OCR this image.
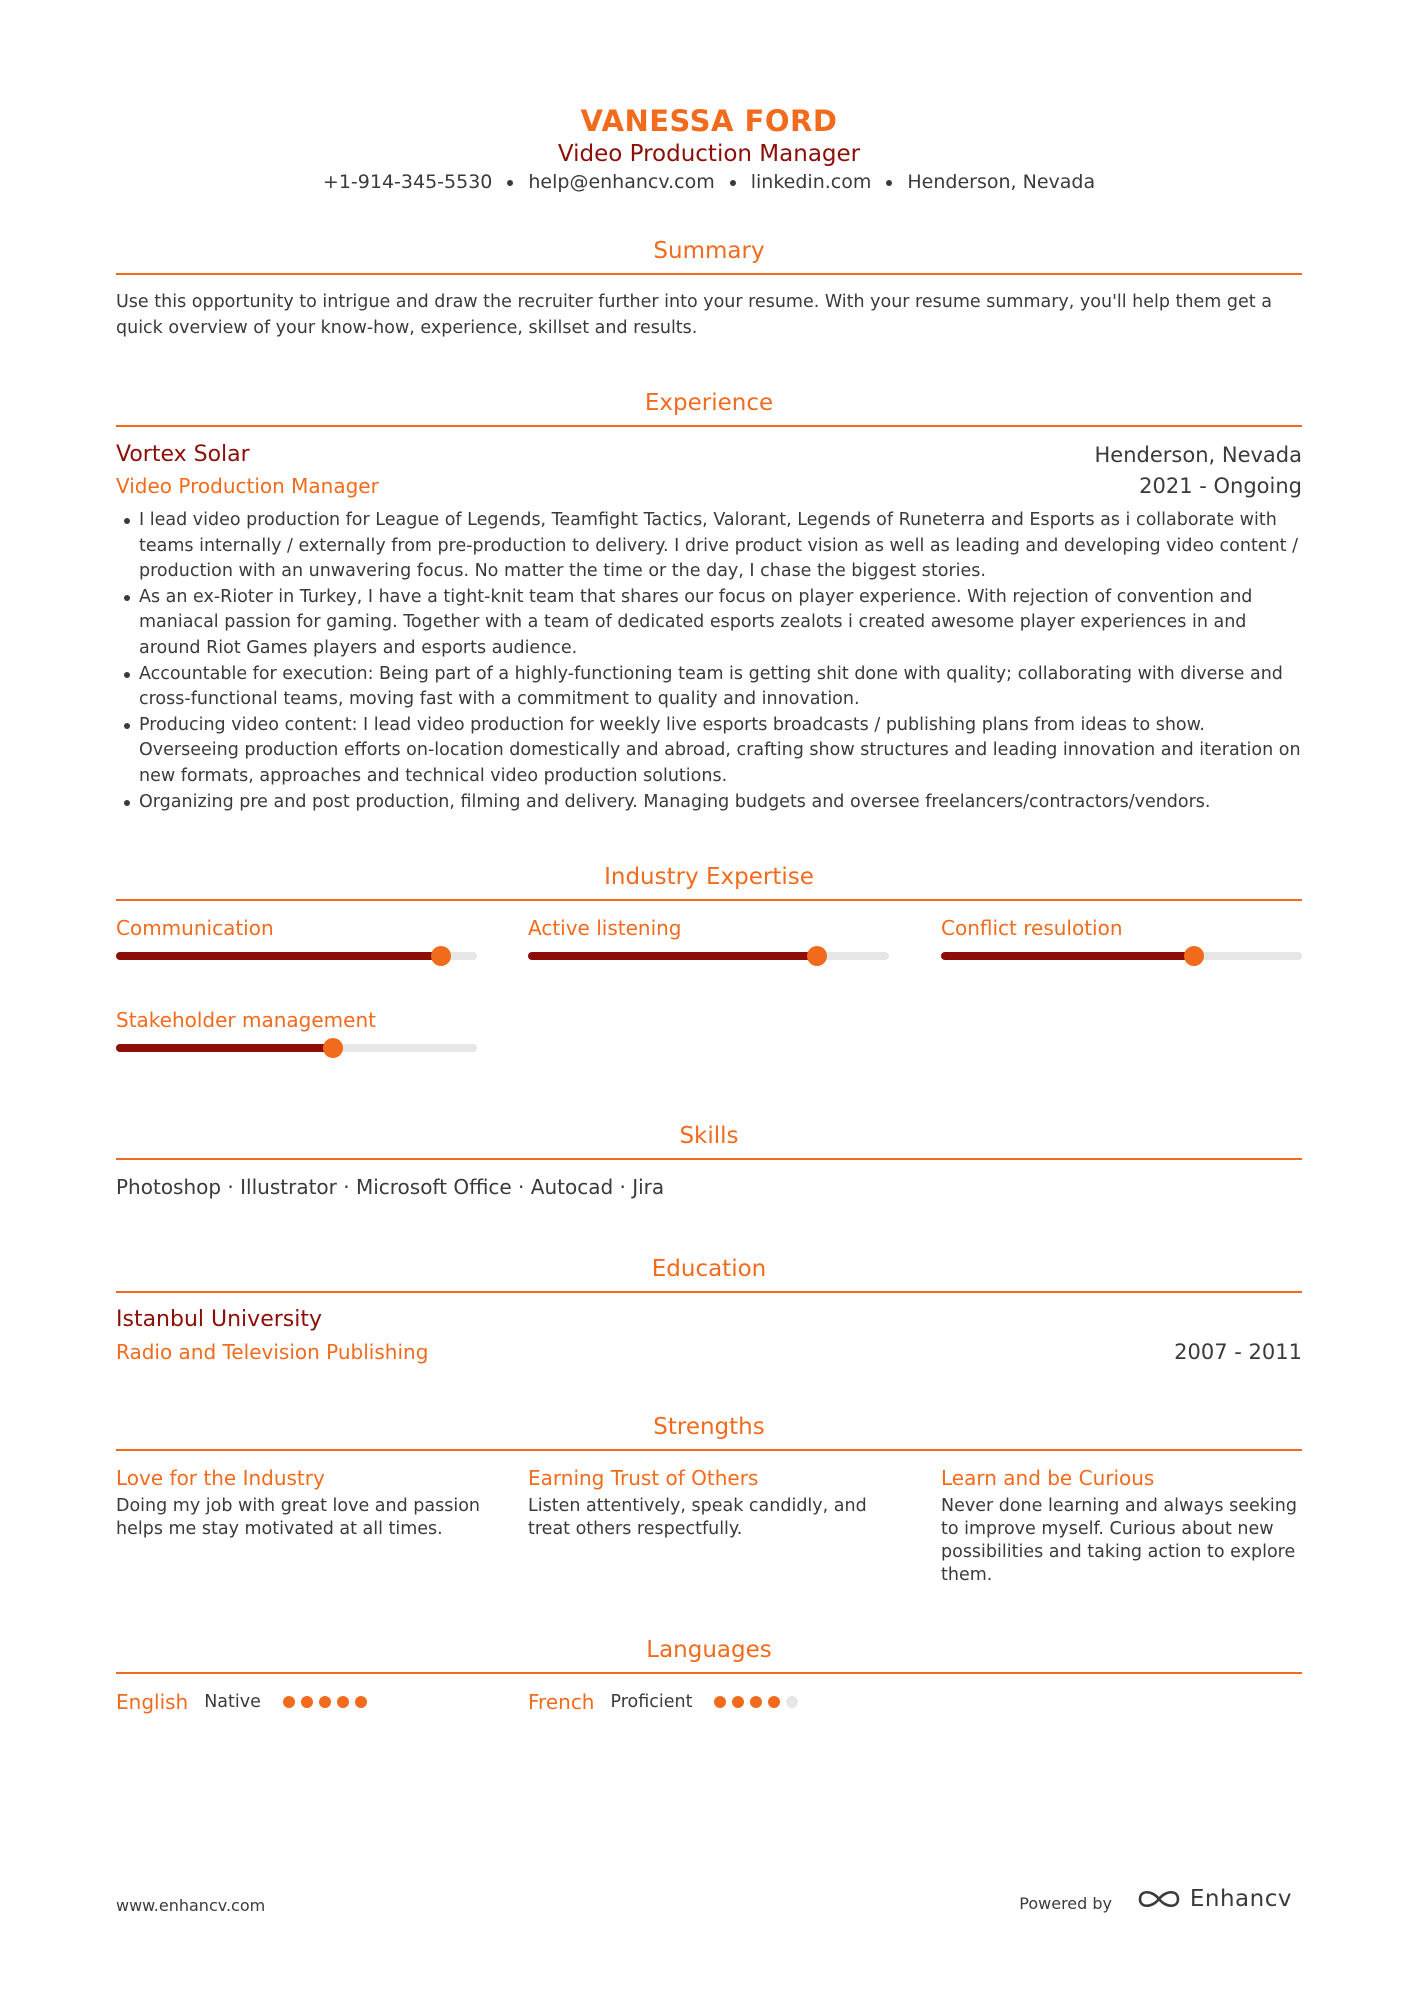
VANESSA FORD
Video Production Manager
+1-914-345-5530 help@enhancv.com linkedin.com Henderson, Nevada
Summary
Use this opportunity to intrigue and draw the recruiter further into your resume. With your resume summary, you'll help them get a quick overview of your know-how, experience, skillset and results.
Experience
Vortex Solar	Henderson, Nevada
Video Production Manager	2021 - Ongoing
I lead video production for League of Legends, Teamfight Tactics, Valorant, Legends of Runeterra and Esports as i collaborate with teams internally / externally from pre-production to delivery. I drive product vision as well as leading and developing video content / production with an unwavering focus. No matter the time or the day, I chase the biggest stories.
As an ex-Rioter in Turkey, I have a tight-knit team that shares our focus on player experience. With rejection of convention and maniacal passion for gaming. Together with a team of dedicated esports zealots i created awesome player experiences in and around Riot Games players and esports audience.
Accountable for execution: Being part of a highly-functioning team is getting shit done with quality; collaborating with diverse and cross-functional teams, moving fast with a commitment to quality and innovation.
Producing video content: I lead video production for weekly live esports broadcasts / publishing plans from ideas to show. Overseeing production efforts on-location domestically and abroad, crafting show structures and leading innovation and iteration on new formats, approaches and technical video production solutions.
Organizing pre and post production, filming and delivery. Managing budgets and oversee freelancers/contractors/vendors.
Industry Expertise
Communication	Active listening	Conflict resulotion
Stakeholder management
Skills
Photoshop · Illustrator · Microsoft Office · Autocad · Jira
Education
Istanbul University
Radio and Television Publishing	2007 - 2011
Strengths
Love for the Industry
Doing my job with great love and passion helps me stay motivated at all times.
Earning Trust of Others
Listen attentively, speak candidly, and treat others respectfully.
Learn and be Curious
Never done learning and always seeking to improve myself. Curious about new possibilities and taking action to explore them.
Languages
English Native	French Proficient
www.enhancv.com	Powered by	Enhancv
